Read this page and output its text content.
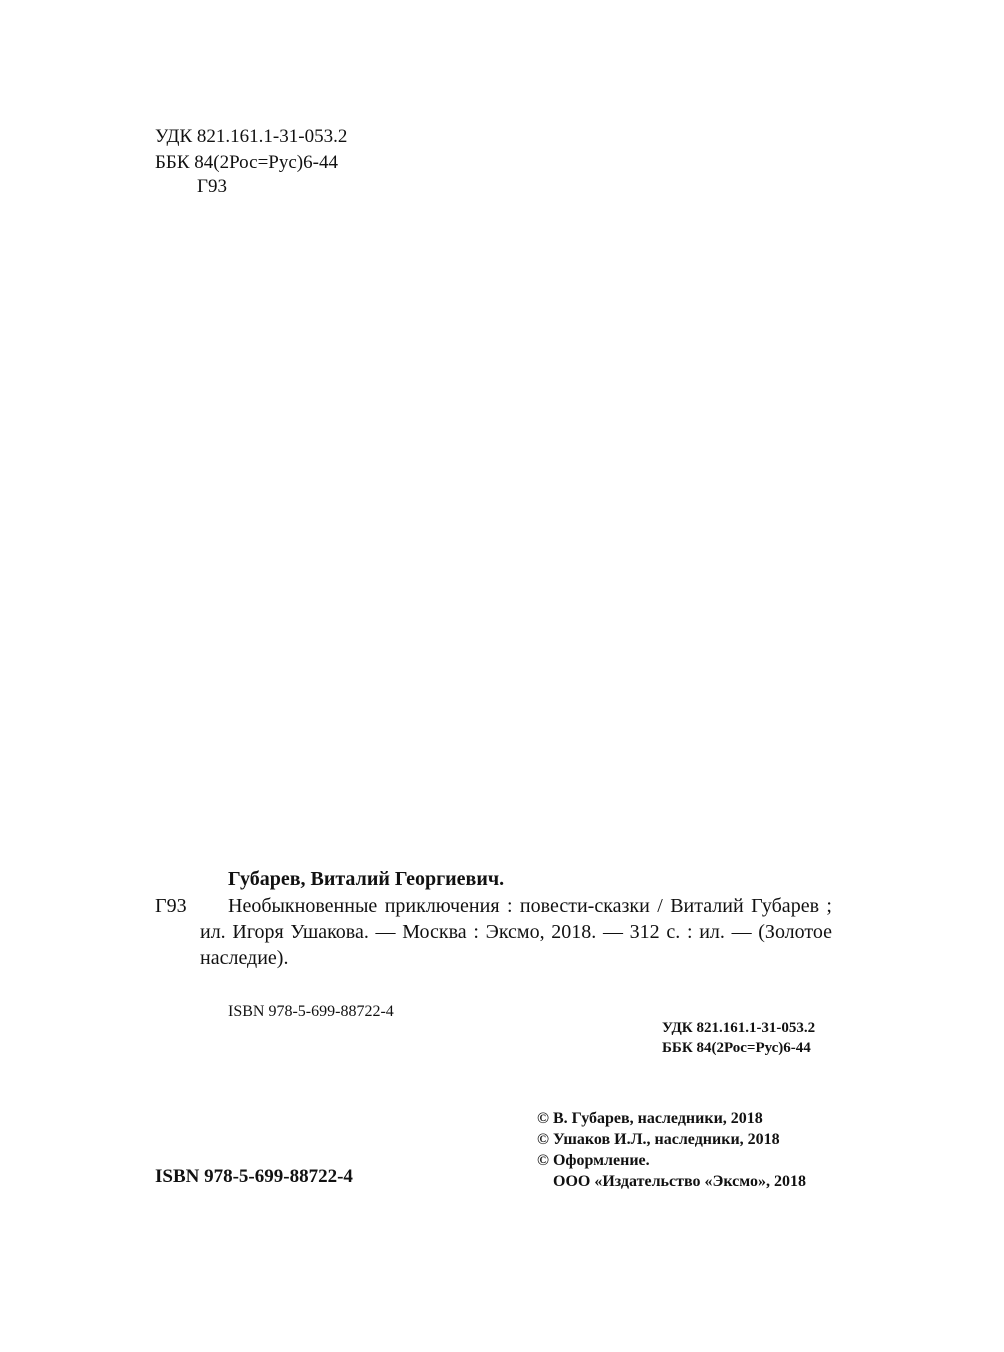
УДК 821.161.1-31-053.2
ББК 84(2Рос=Рус)6-44
Г93
Губарев, Виталий Георгиевич.
Г93	Необыкновенные приключения : повести-сказки / Виталий Губарев ; ил. Игоря Ушакова. — Москва : Эксмо, 2018. — 312 с. : ил. — (Золотое наследие).
ISBN 978-5-699-88722-4
УДК 821.161.1-31-053.2
ББК 84(2Рос=Рус)6-44
© В. Губарев, наследники, 2018
© Ушаков И.Л., наследники, 2018
© Оформление.
ООО «Издательство «Эксмо», 2018
ISBN 978-5-699-88722-4
